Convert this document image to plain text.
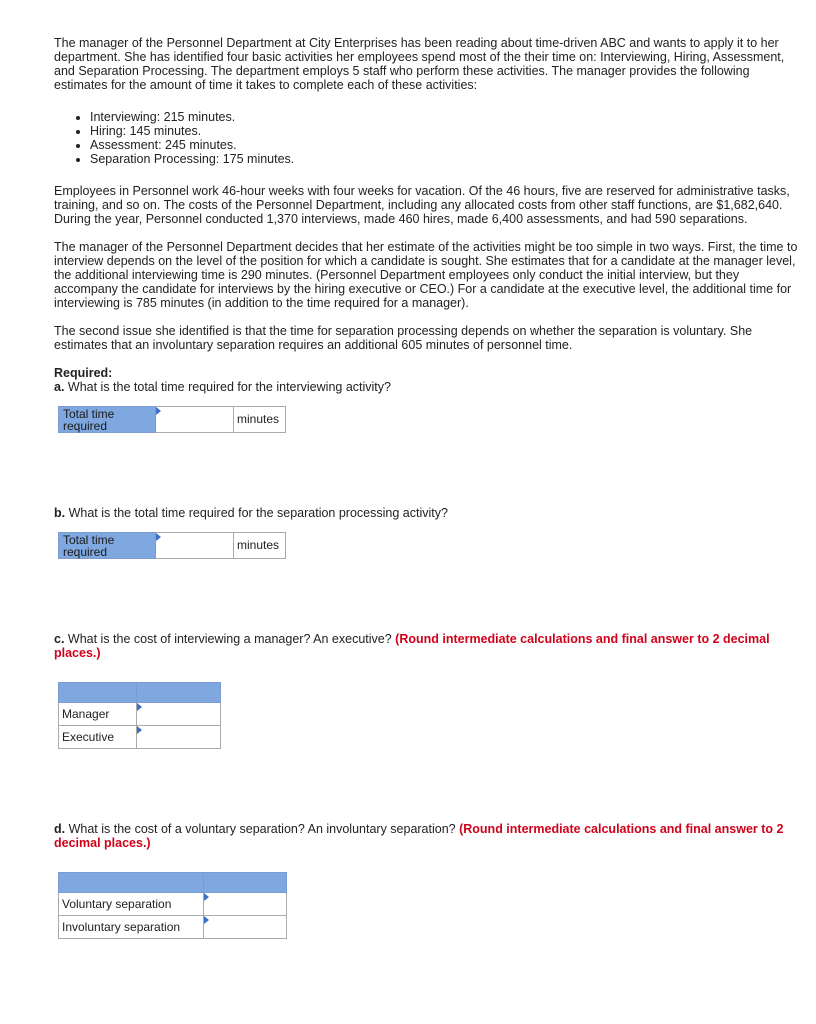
The manager of the Personnel Department at City Enterprises has been reading about time-driven ABC and wants to apply it to her department. She has identified four basic activities her employees spend most of the their time on: Interviewing, Hiring, Assessment, and Separation Processing. The department employs 5 staff who perform these activities. The manager provides the following estimates for the amount of time it takes to complete each of these activities:

• Interviewing: 215 minutes.
• Hiring: 145 minutes.
• Assessment: 245 minutes.
• Separation Processing: 175 minutes.

Employees in Personnel work 46-hour weeks with four weeks for vacation. Of the 46 hours, five are reserved for administrative tasks, training, and so on. The costs of the Personnel Department, including any allocated costs from other staff functions, are $1,682,640. During the year, Personnel conducted 1,370 interviews, made 460 hires, made 6,400 assessments, and had 590 separations.

The manager of the Personnel Department decides that her estimate of the activities might be too simple in two ways. First, the time to interview depends on the level of the position for which a candidate is sought. She estimates that for a candidate at the manager level, the additional interviewing time is 290 minutes. (Personnel Department employees only conduct the initial interview, but they accompany the candidate for interviews by the hiring executive or CEO.) For a candidate at the executive level, the additional time for interviewing is 785 minutes (in addition to the time required for a manager).

The second issue she identified is that the time for separation processing depends on whether the separation is voluntary. She estimates that an involuntary separation requires an additional 605 minutes of personnel time.

Required:

a. What is the total time required for the interviewing activity?

Total time required	minutes

b. What is the total time required for the separation processing activity?

Total time required	minutes

c. What is the cost of interviewing a manager? An executive? (Round intermediate calculations and final answer to 2 decimal places.)

Manager	

Executive	

d. What is the cost of a voluntary separation? An involuntary separation? (Round intermediate calculations and final answer to 2 decimal places.)

Voluntary separation	

Involuntary separation	
